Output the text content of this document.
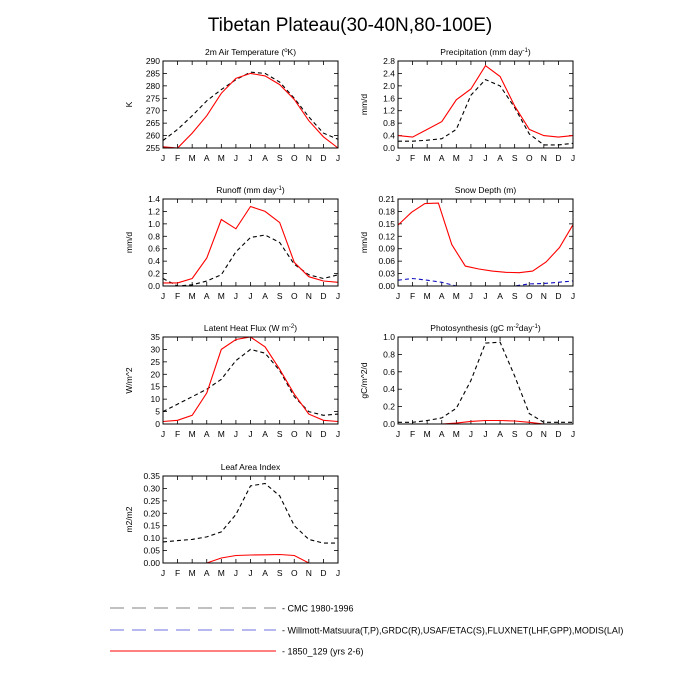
Tibetan Plateau(30-40N,80-100E)
2m Air Temperature ($^o$K)
K
255
260
265
270
275
280
285
290
J F M A M J J A S O N D J
Precipitation (mm day$^{-1}$)
mm/d
0.0
0.4
0.8
1.2
1.6
2.0
2.4
2.8
J F M A M J J A S O N D J
Runoff (mm day$^{-1}$)
mm/d
0.0
0.2
0.4
0.6
0.8
1.0
1.2
1.4
J F M A M J J A S O N D J
Snow Depth (m)
mm/d
0.00
0.03
0.06
0.09
0.12
0.15
0.18
0.21
J F M A M J J A S O N D J
Latent Heat Flux (W $m^{-2}$)
W/m^2
0
5
10
15
20
25
30
35
J F M A M J J A S O N D J
Photosynthesis (gC $m^{-2}day^{-1}$)
gC/m^2/d
0.0
0.2
0.4
0.6
0.8
1.0
J F M A M J J A S O N D J
Leaf Area Index
m2/m2
0.00
0.05
0.10
0.15
0.20
0.25
0.30
0.35
J F M A M J J A S O N D J
- CMC 1980-1996
- Willmott-Matsuura(T,P),GRDC(R),USAF/ETAC(S),FLUXNET(LHF,GPP),MODIS(LAI)
- 1850_129 (yrs 2-6)
